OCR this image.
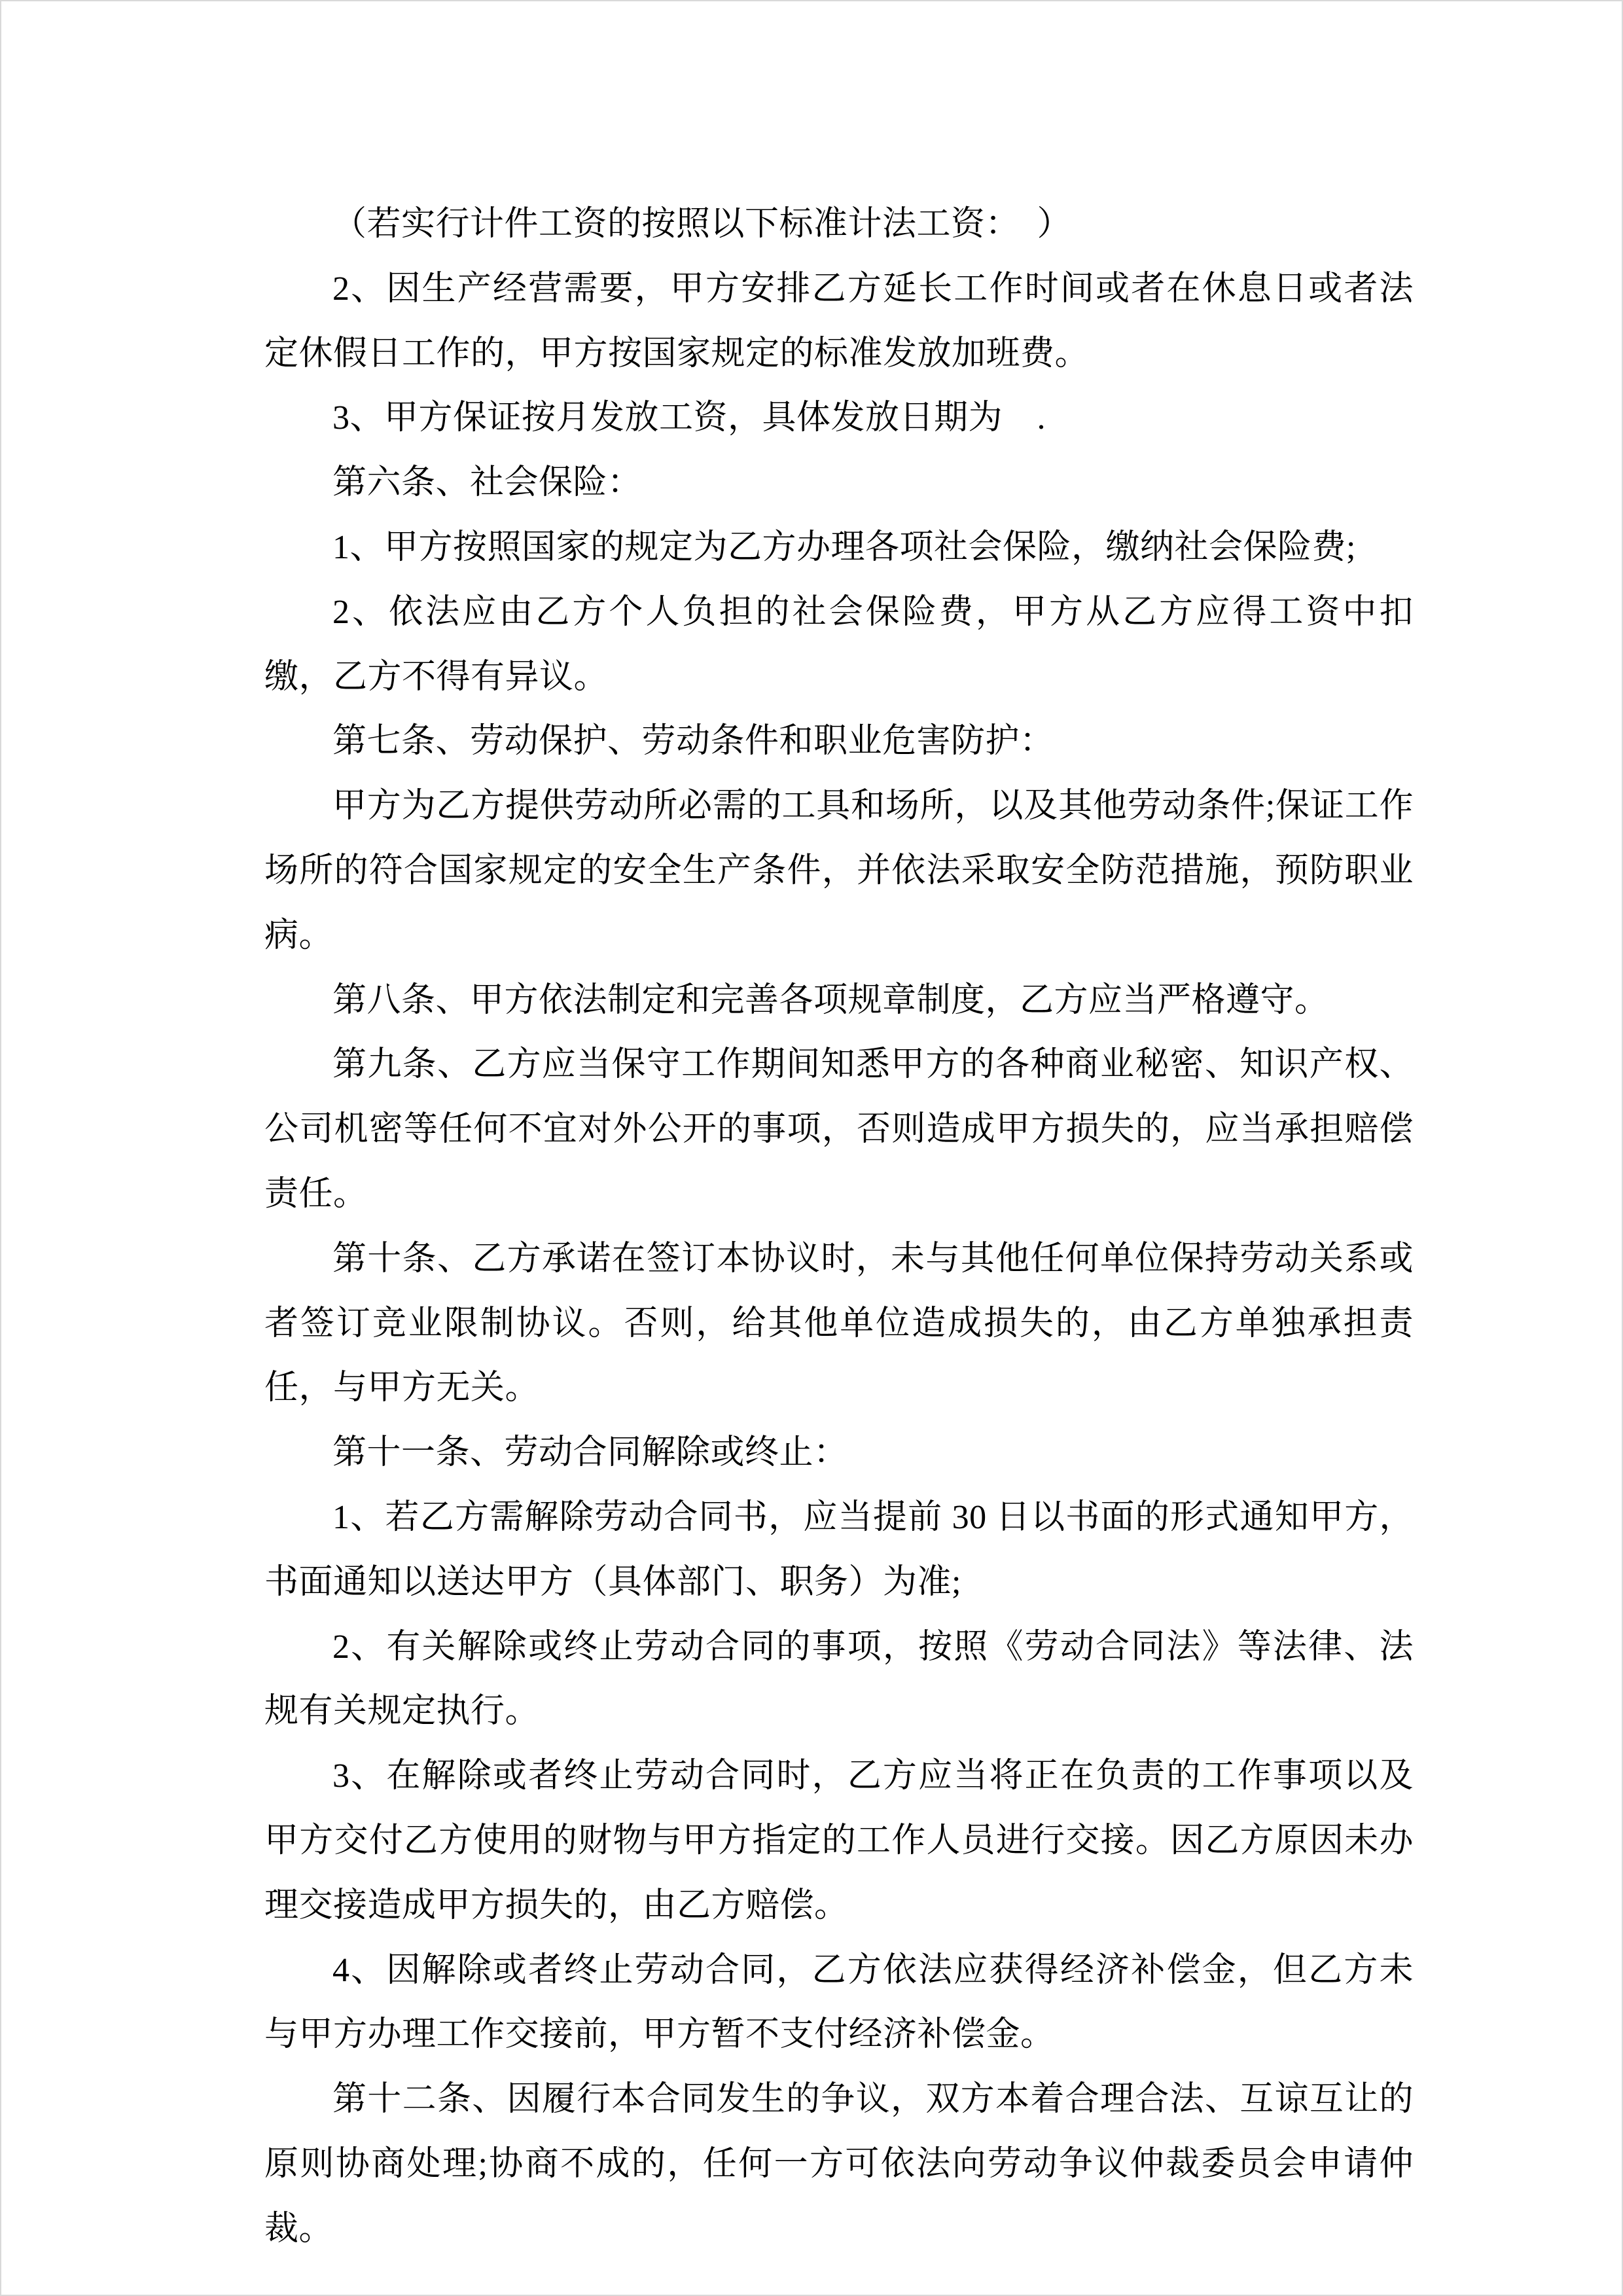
（若实行计件工资的按照以下标准计法工资：　）

2、因生产经营需要，甲方安排乙方延长工作时间或者在休息日或者法定休假日工作的，甲方按国家规定的标准发放加班费。

3、甲方保证按月发放工资，具体发放日期为　.

第六条、社会保险：

1、甲方按照国家的规定为乙方办理各项社会保险，缴纳社会保险费;

2、依法应由乙方个人负担的社会保险费，甲方从乙方应得工资中扣缴，乙方不得有异议。

第七条、劳动保护、劳动条件和职业危害防护：

甲方为乙方提供劳动所必需的工具和场所，以及其他劳动条件;保证工作场所的符合国家规定的安全生产条件，并依法采取安全防范措施，预防职业病。

第八条、甲方依法制定和完善各项规章制度，乙方应当严格遵守。

第九条、乙方应当保守工作期间知悉甲方的各种商业秘密、知识产权、公司机密等任何不宜对外公开的事项，否则造成甲方损失的，应当承担赔偿责任。

第十条、乙方承诺在签订本协议时，未与其他任何单位保持劳动关系或者签订竞业限制协议。否则，给其他单位造成损失的，由乙方单独承担责任，与甲方无关。

第十一条、劳动合同解除或终止：

1、若乙方需解除劳动合同书，应当提前 30 日以书面的形式通知甲方，书面通知以送达甲方（具体部门、职务）为准;

2、有关解除或终止劳动合同的事项，按照《劳动合同法》等法律、法规有关规定执行。

3、在解除或者终止劳动合同时，乙方应当将正在负责的工作事项以及甲方交付乙方使用的财物与甲方指定的工作人员进行交接。因乙方原因未办理交接造成甲方损失的，由乙方赔偿。

4、因解除或者终止劳动合同，乙方依法应获得经济补偿金，但乙方未与甲方办理工作交接前，甲方暂不支付经济补偿金。

第十二条、因履行本合同发生的争议，双方本着合理合法、互谅互让的原则协商处理;协商不成的，任何一方可依法向劳动争议仲裁委员会申请仲裁。
